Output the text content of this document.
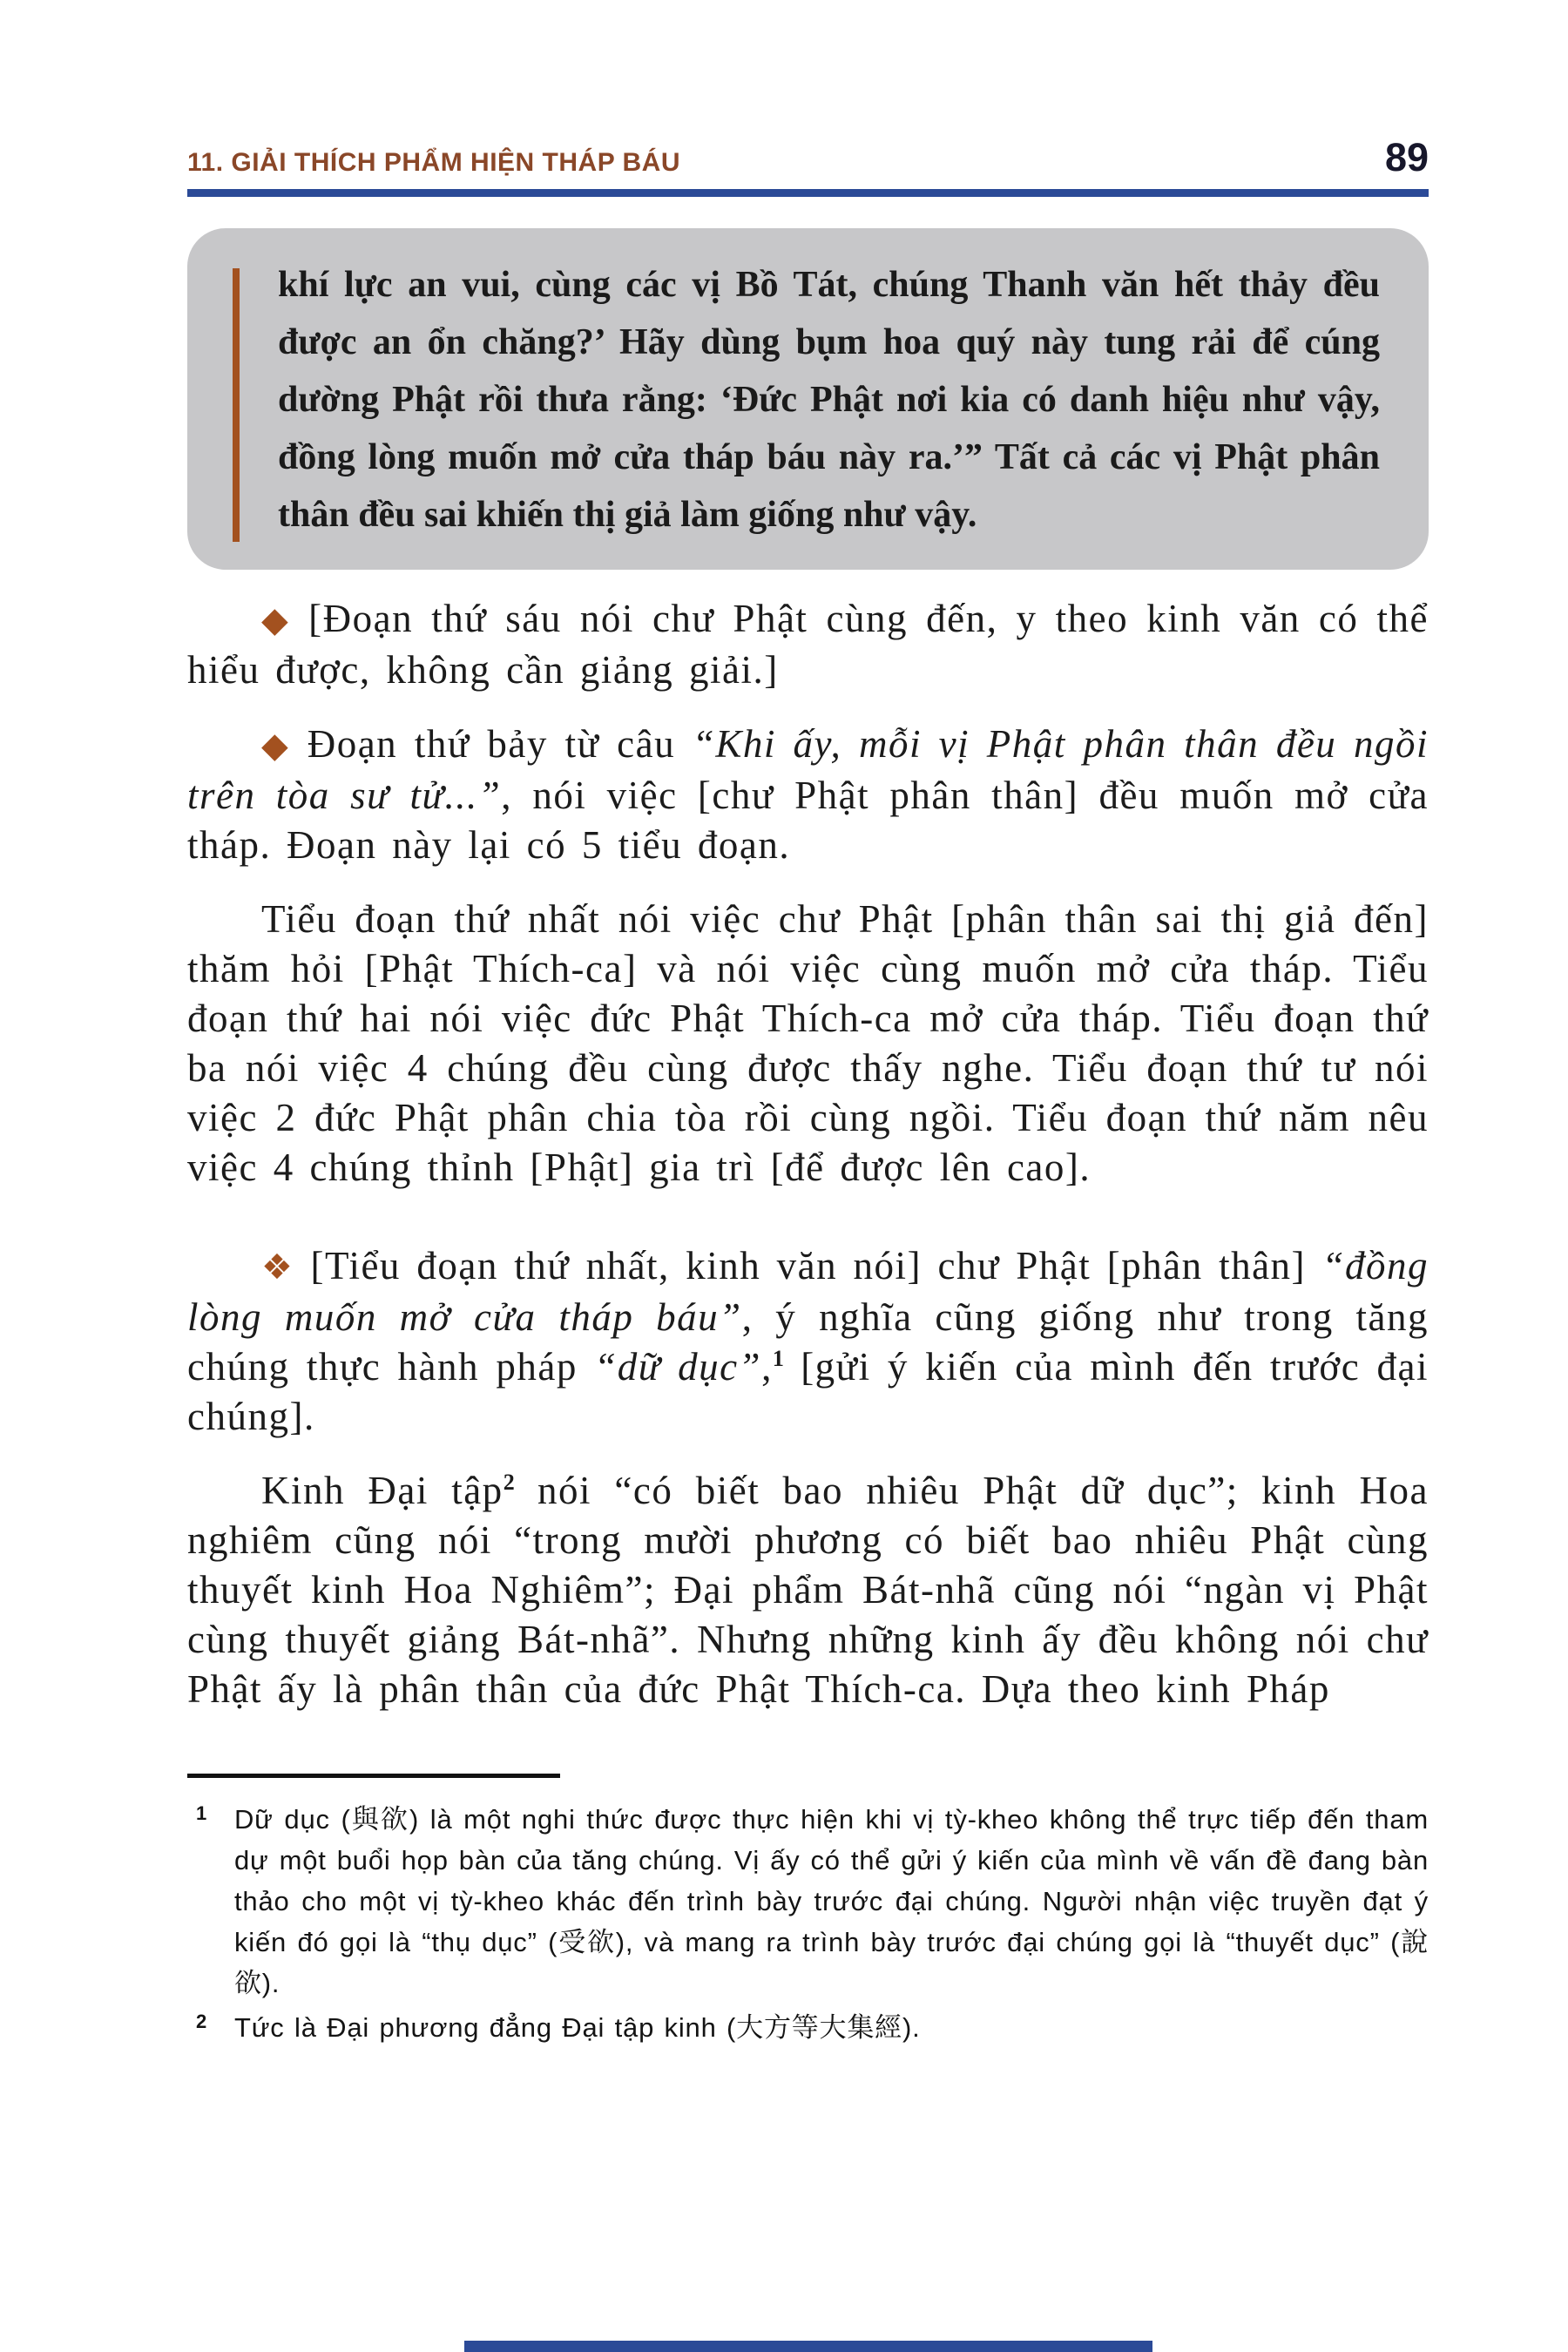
11. GIẢI THÍCH PHẨM HIỆN THÁP BÁU	89

khí lực an vui, cùng các vị Bồ Tát, chúng Thanh văn hết thảy đều được an ổn chăng?’ Hãy dùng bụm hoa quý này tung rải để cúng dường Phật rồi thưa rằng: ‘Đức Phật nơi kia có danh hiệu như vậy, đồng lòng muốn mở cửa tháp báu này ra.’” Tất cả các vị Phật phân thân đều sai khiến thị giả làm giống như vậy.

◆ [Đoạn thứ sáu nói chư Phật cùng đến, y theo kinh văn có thể hiểu được, không cần giảng giải.]

◆ Đoạn thứ bảy từ câu “Khi ấy, mỗi vị Phật phân thân đều ngồi trên tòa sư tử...”, nói việc [chư Phật phân thân] đều muốn mở cửa tháp. Đoạn này lại có 5 tiểu đoạn.

Tiểu đoạn thứ nhất nói việc chư Phật [phân thân sai thị giả đến] thăm hỏi [Phật Thích-ca] và nói việc cùng muốn mở cửa tháp. Tiểu đoạn thứ hai nói việc đức Phật Thích-ca mở cửa tháp. Tiểu đoạn thứ ba nói việc 4 chúng đều cùng được thấy nghe. Tiểu đoạn thứ tư nói việc 2 đức Phật phân chia tòa rồi cùng ngồi. Tiểu đoạn thứ năm nêu việc 4 chúng thỉnh [Phật] gia trì [để được lên cao].

❖ [Tiểu đoạn thứ nhất, kinh văn nói] chư Phật [phân thân] “đồng lòng muốn mở cửa tháp báu”, ý nghĩa cũng giống như trong tăng chúng thực hành pháp “dữ dục”,$^1$ [gửi ý kiến của mình đến trước đại chúng].

Kinh Đại tập$^2$ nói “có biết bao nhiêu Phật dữ dục”; kinh Hoa nghiêm cũng nói “trong mười phương có biết bao nhiêu Phật cùng thuyết kinh Hoa Nghiêm”; Đại phẩm Bát-nhã cũng nói “ngàn vị Phật cùng thuyết giảng Bát-nhã”. Nhưng những kinh ấy đều không nói chư Phật ấy là phân thân của đức Phật Thích-ca. Dựa theo kinh Pháp

1 Dữ dục (與欲) là một nghi thức được thực hiện khi vị tỳ-kheo không thể trực tiếp đến tham dự một buổi họp bàn của tăng chúng. Vị ấy có thể gửi ý kiến của mình về vấn đề đang bàn thảo cho một vị tỳ-kheo khác đến trình bày trước đại chúng. Người nhận việc truyền đạt ý kiến đó gọi là “thụ dục” (受欲), và mang ra trình bày trước đại chúng gọi là “thuyết dục” (說欲).
2 Tức là Đại phương đẳng Đại tập kinh (大方等大集經).
